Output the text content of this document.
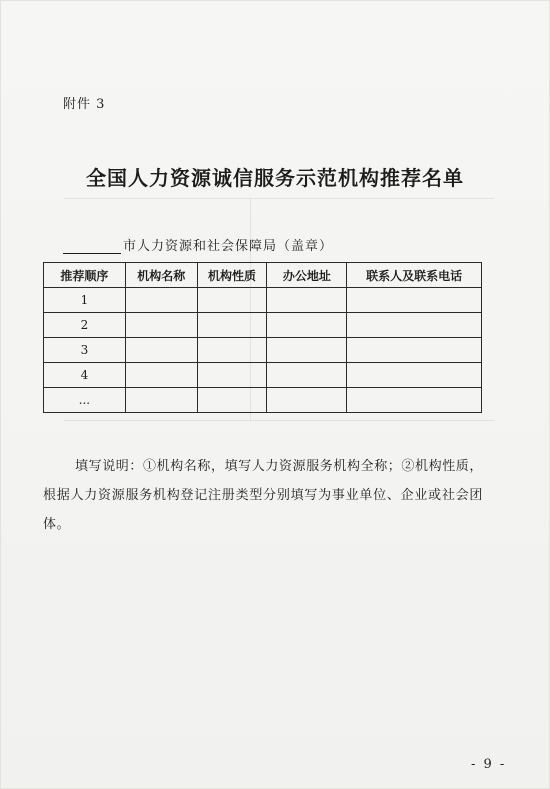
附件 3
全国人力资源诚信服务示范机构推荐名单
市人力资源和社会保障局（盖章）
推荐顺序	机构名称	机构性质	办公地址	联系人及联系电话
1				
2				
3				
4				
...				
填写说明：①机构名称，填写人力资源服务机构全称；②机构性质，根据人力资源服务机构登记注册类型分别填写为事业单位、企业或社会团体。
- 9 -
